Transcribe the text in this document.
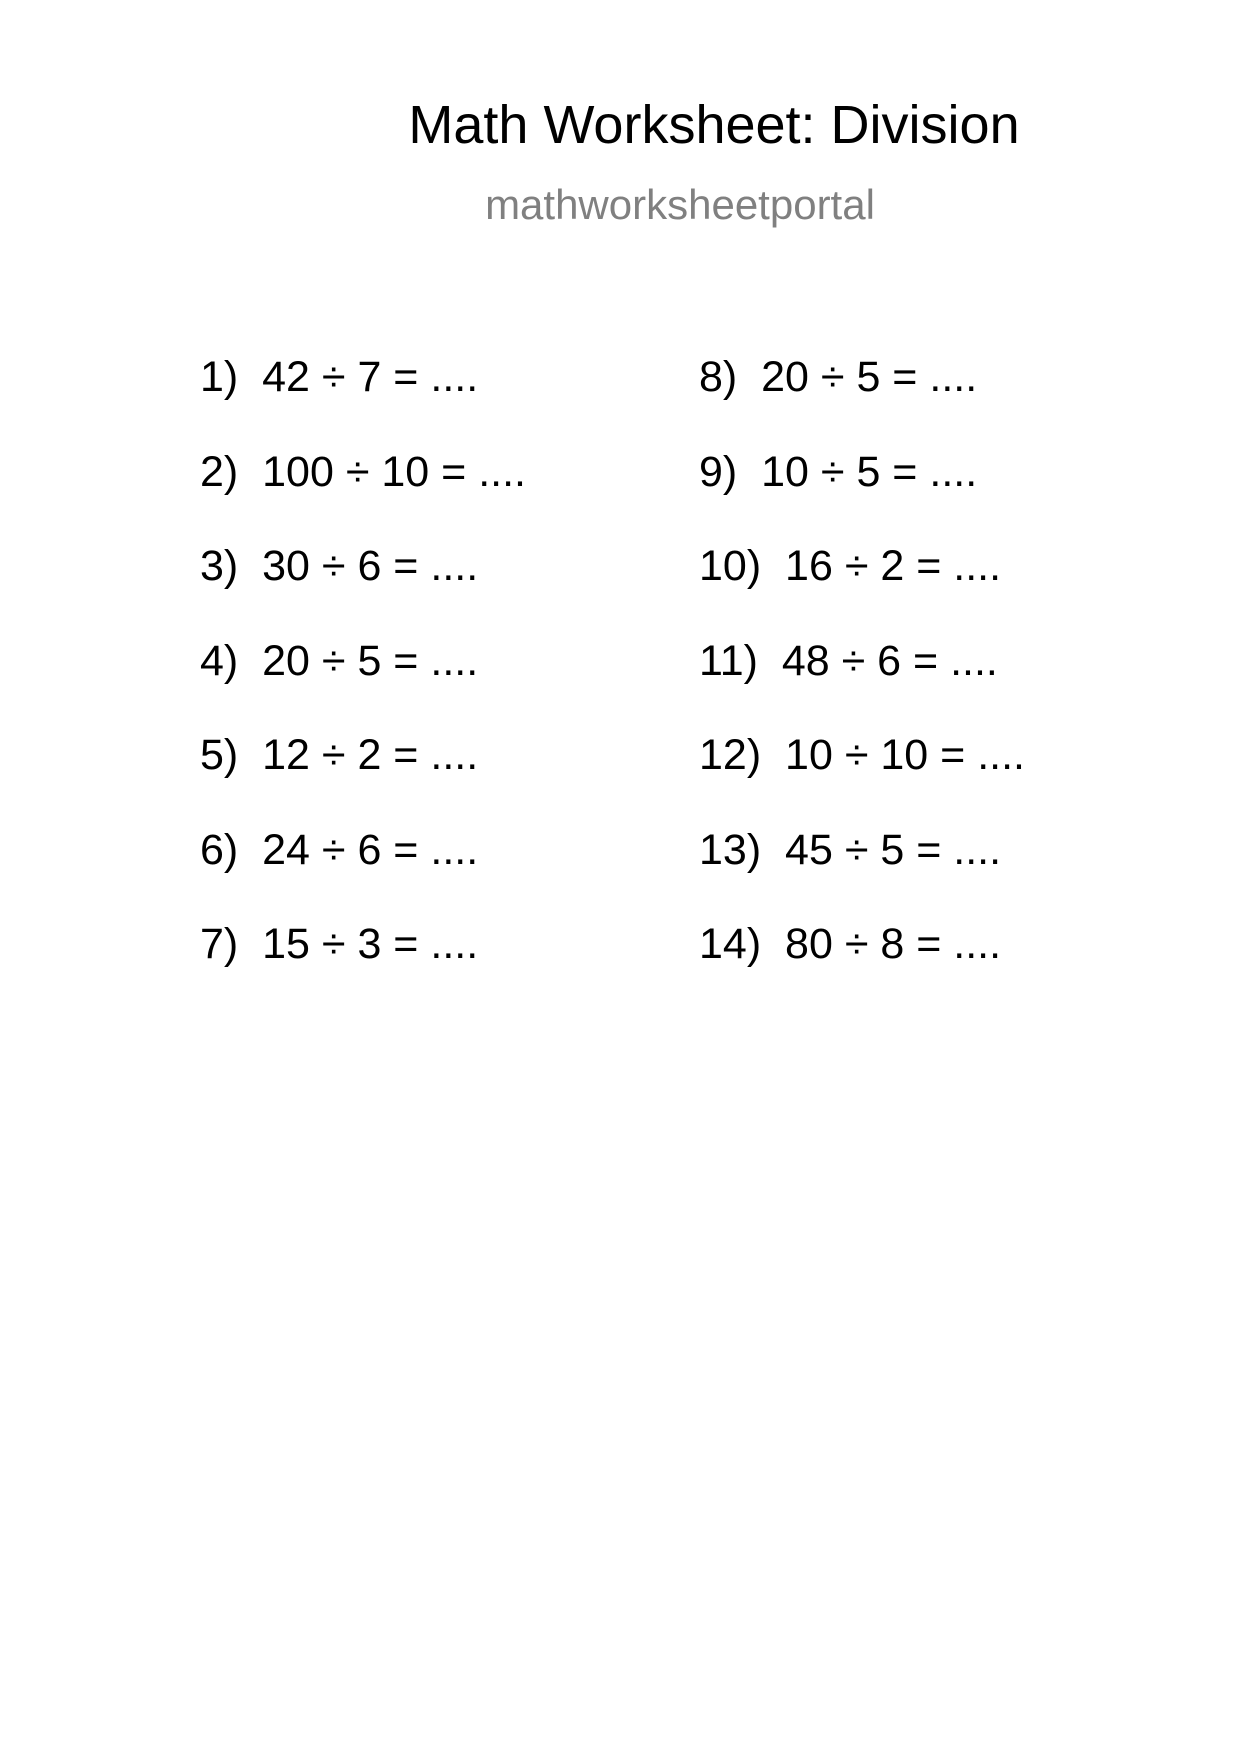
Math Worksheet: Division
mathworksheetportal
1)  42 ÷ 7 = ....
2)  100 ÷ 10 = ....
3)  30 ÷ 6 = ....
4)  20 ÷ 5 = ....
5)  12 ÷ 2 = ....
6)  24 ÷ 6 = ....
7)  15 ÷ 3 = ....
8)  20 ÷ 5 = ....
9)  10 ÷ 5 = ....
10)  16 ÷ 2 = ....
11)  48 ÷ 6 = ....
12)  10 ÷ 10 = ....
13)  45 ÷ 5 = ....
14)  80 ÷ 8 = ....
